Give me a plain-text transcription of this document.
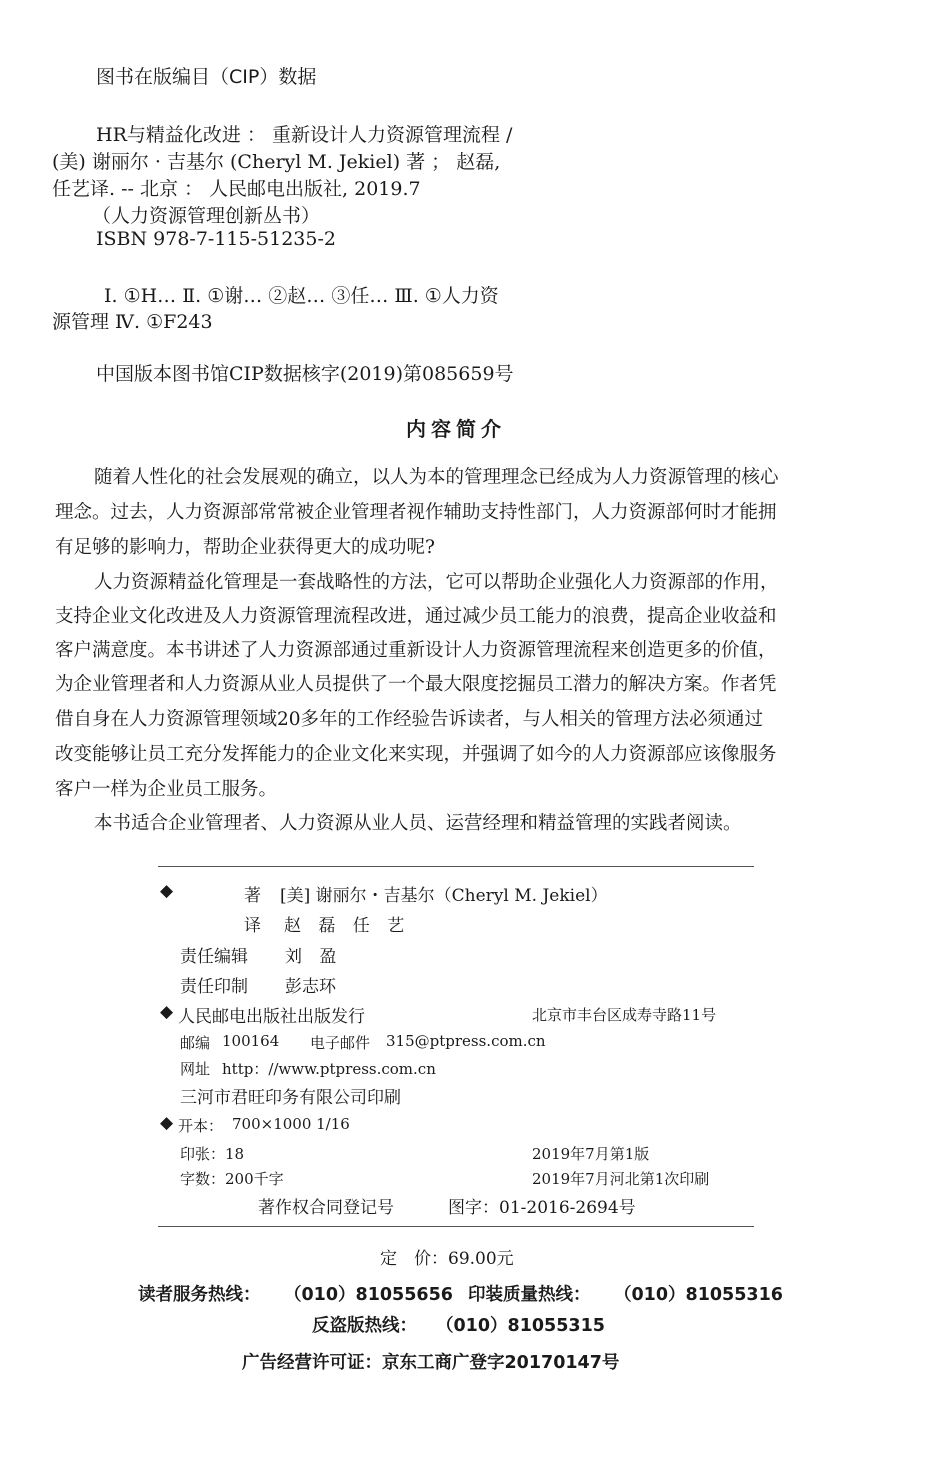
图书在版编目（CIP）数据
HR与精益化改进 ： 重新设计人力资源管理流程 /
(美) 谢丽尔 · 吉基尔 (Cheryl M. Jekiel) 著 ； 赵磊,
任艺译. -- 北京 ： 人民邮电出版社, 2019.7
（人力资源管理创新丛书）
ISBN 978-7-115-51235-2
Ⅰ. ①H… Ⅱ. ①谢… ②赵… ③任… Ⅲ. ①人力资
源管理 Ⅳ. ①F243
中国版本图书馆CIP数据核字(2019)第085659号
内容简介
随着人性化的社会发展观的确立，以人为本的管理理念已经成为人力资源管理的核心
理念。过去，人力资源部常常被企业管理者视作辅助支持性部门，人力资源部何时才能拥
有足够的影响力，帮助企业获得更大的成功呢?
人力资源精益化管理是一套战略性的方法，它可以帮助企业强化人力资源部的作用，
支持企业文化改进及人力资源管理流程改进，通过减少员工能力的浪费，提高企业收益和
客户满意度。本书讲述了人力资源部通过重新设计人力资源管理流程来创造更多的价值，
为企业管理者和人力资源从业人员提供了一个最大限度挖掘员工潜力的解决方案。作者凭
借自身在人力资源管理领域20多年的工作经验告诉读者，与人相关的管理方法必须通过
改变能够让员工充分发挥能力的企业文化来实现，并强调了如今的人力资源部应该像服务
客户一样为企业员工服务。
本书适合企业管理者、人力资源从业人员、运营经理和精益管理的实践者阅读。
◆	著 [美] 谢丽尔・吉基尔（Cheryl M. Jekiel）
译 赵 磊 任 艺
责任编辑 刘 盈
责任印制 彭志环
◆ 人民邮电出版社出版发行	北京市丰台区成寿寺路11号
邮编 100164 电子邮件 315@ptpress.com.cn
网址 http：//www.ptpress.com.cn
三河市君旺印务有限公司印刷
◆ 开本： 700×1000 1/16
印张：18	2019年7月第1版
字数：200千字	2019年7月河北第1次印刷
著作权合同登记号	图字：01-2016-2694号
定　价：69.00元
读者服务热线： （010）81055656 印装质量热线： （010）81055316
反盗版热线： （010）81055315
广告经营许可证：京东工商广登字20170147号
